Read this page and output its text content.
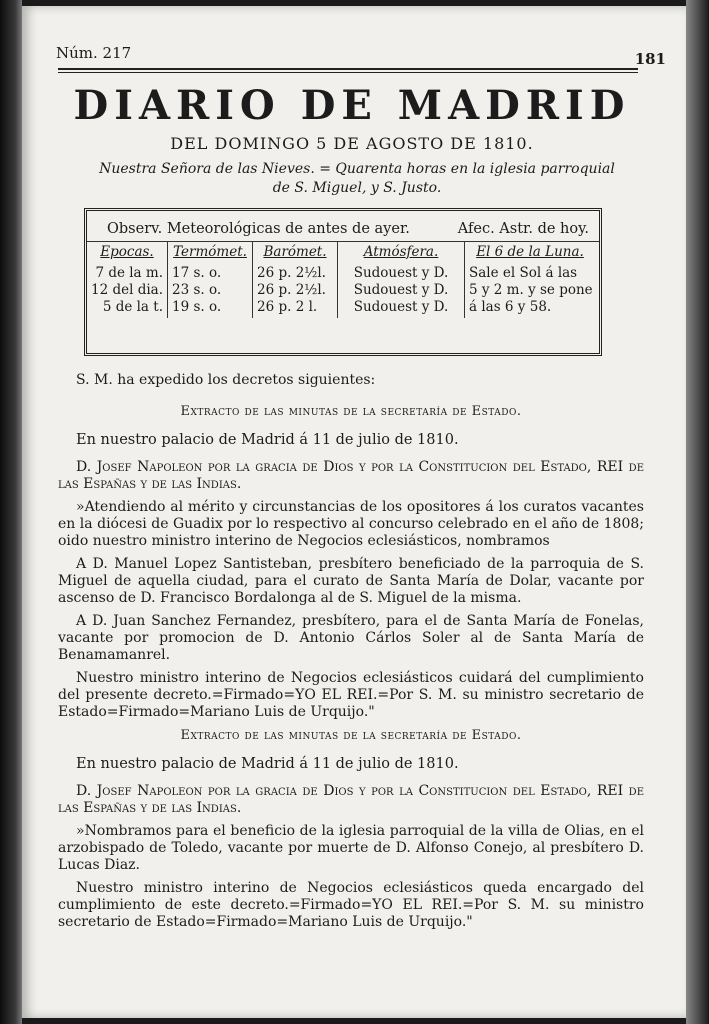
Núm. 217	181
DIARIO DE MADRID
DEL DOMINGO 5 DE AGOSTO DE 1810.
Nuestra Señora de las Nieves. = Quarenta horas en la iglesia parroquial
de S. Miguel, y S. Justo.
Observ. Meteorológicas de antes de ayer.	Afec. Astr. de hoy.
Epocas.
7 de la m.
12 del dia.
5 de la t.
Termómet.
17 s. o.
23 s. o.
19 s. o.
Barómet.
26 p. 2½l.
26 p. 2½l.
26 p. 2 l.
Atmósfera.
Sudouest y D.
Sudouest y D.
Sudouest y D.
El 6 de la Luna.
Sale el Sol á las
5 y 2 m. y se pone
á las 6 y 58.

S. M. ha expedido los decretos siguientes:

Extracto de las minutas de la secretaría de Estado.

En nuestro palacio de Madrid á 11 de julio de 1810.

D. Josef Napoleon por la gracia de Dios y por la Constitucion del Estado, REI de las Españas y de las Indias.

»Atendiendo al mérito y circunstancias de los opositores á los curatos vacantes en la diócesi de Guadix por lo respectivo al concurso celebrado en el año de 1808; oido nuestro ministro interino de Negocios eclesiásticos, nombramos

A D. Manuel Lopez Santisteban, presbítero beneficiado de la parroquia de S. Miguel de aquella ciudad, para el curato de Santa María de Dolar, vacante por ascenso de D. Francisco Bordalonga al de S. Miguel de la misma.

A D. Juan Sanchez Fernandez, presbítero, para el de Santa María de Fonelas, vacante por promocion de D. Antonio Cárlos Soler al de Santa María de Benamamanrel.

Nuestro ministro interino de Negocios eclesiásticos cuidará del cumplimiento del presente decreto.=Firmado=YO EL REI.=Por S. M. su ministro secretario de Estado=Firmado=Mariano Luis de Urquijo."

Extracto de las minutas de la secretaría de Estado.

En nuestro palacio de Madrid á 11 de julio de 1810.

D. Josef Napoleon por la gracia de Dios y por la Constitucion del Estado, REI de las Españas y de las Indias.

»Nombramos para el beneficio de la iglesia parroquial de la villa de Olias, en el arzobispado de Toledo, vacante por muerte de D. Alfonso Conejo, al presbítero D. Lucas Diaz.

Nuestro ministro interino de Negocios eclesiásticos queda encargado del cumplimiento de este decreto.=Firmado=YO EL REI.=Por S. M. su ministro secretario de Estado=Firmado=Mariano Luis de Urquijo."
